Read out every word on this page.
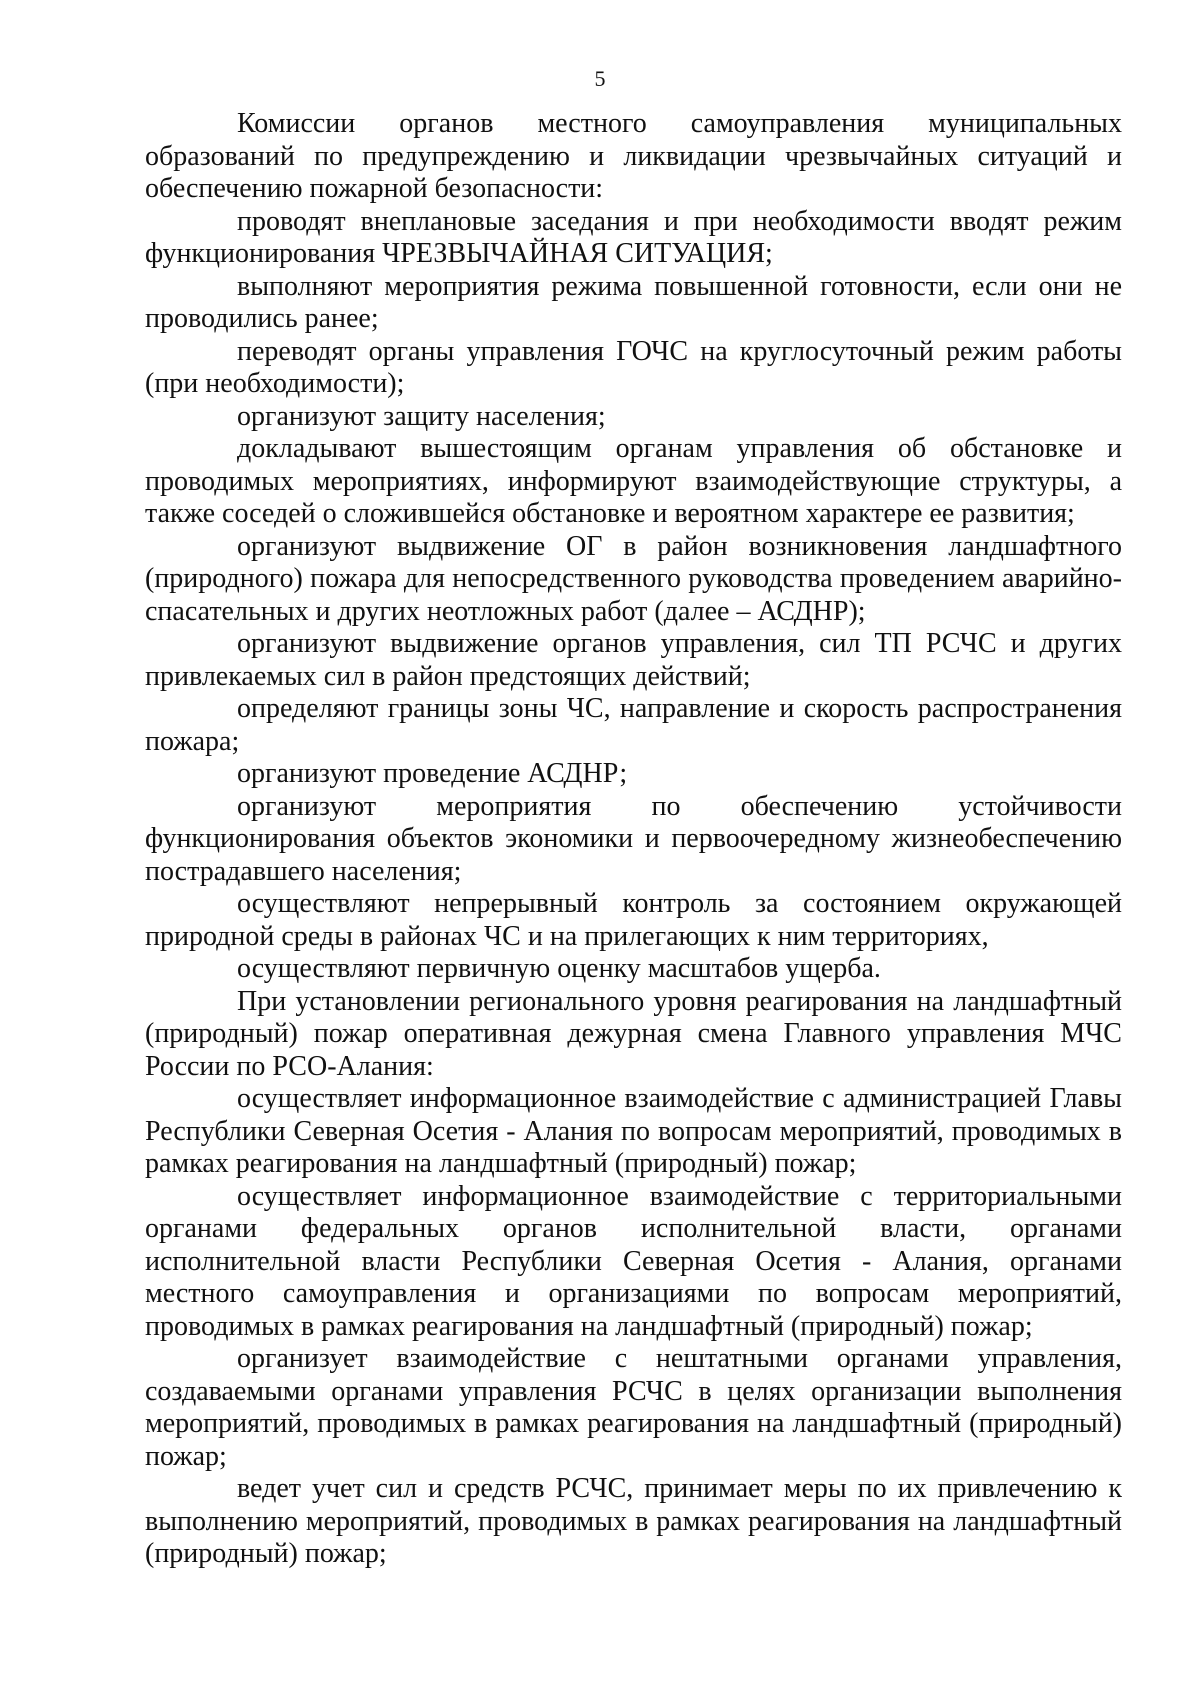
5

Комиссии органов местного самоуправления муниципальных образований по предупреждению и ликвидации чрезвычайных ситуаций и обеспечению пожарной безопасности:

проводят внеплановые заседания и при необходимости вводят режим функционирования ЧРЕЗВЫЧАЙНАЯ СИТУАЦИЯ;

выполняют мероприятия режима повышенной готовности, если они не проводились ранее;

переводят органы управления ГОЧС на круглосуточный режим работы (при необходимости);

организуют защиту населения;

докладывают вышестоящим органам управления об обстановке и проводимых мероприятиях, информируют взаимодействующие структуры, а также соседей о сложившейся обстановке и вероятном характере ее развития;

организуют выдвижение ОГ в район возникновения ландшафтного (природного) пожара для непосредственного руководства проведением аварийно-спасательных и других неотложных работ (далее – АСДНР);

организуют выдвижение органов управления, сил ТП РСЧС и других привлекаемых сил в район предстоящих действий;

определяют границы зоны ЧС, направление и скорость распространения пожара;

организуют проведение АСДНР;

организуют мероприятия по обеспечению устойчивости функционирования объектов экономики и первоочередному жизнеобеспечению пострадавшего населения;

осуществляют непрерывный контроль за состоянием окружающей природной среды в районах ЧС и на прилегающих к ним территориях,

осуществляют первичную оценку масштабов ущерба.

При установлении регионального уровня реагирования на ландшафтный (природный) пожар оперативная дежурная смена Главного управления МЧС России по РСО-Алания:

осуществляет информационное взаимодействие с администрацией Главы Республики Северная Осетия - Алания по вопросам мероприятий, проводимых в рамках реагирования на ландшафтный (природный) пожар;

осуществляет информационное взаимодействие с территориальными органами федеральных органов исполнительной власти, органами исполнительной власти Республики Северная Осетия - Алания, органами местного самоуправления и организациями по вопросам мероприятий, проводимых в рамках реагирования на ландшафтный (природный) пожар;

организует взаимодействие с нештатными органами управления, создаваемыми органами управления РСЧС в целях организации выполнения мероприятий, проводимых в рамках реагирования на ландшафтный (природный) пожар;

ведет учет сил и средств РСЧС, принимает меры по их привлечению к выполнению мероприятий, проводимых в рамках реагирования на ландшафтный (природный) пожар;
